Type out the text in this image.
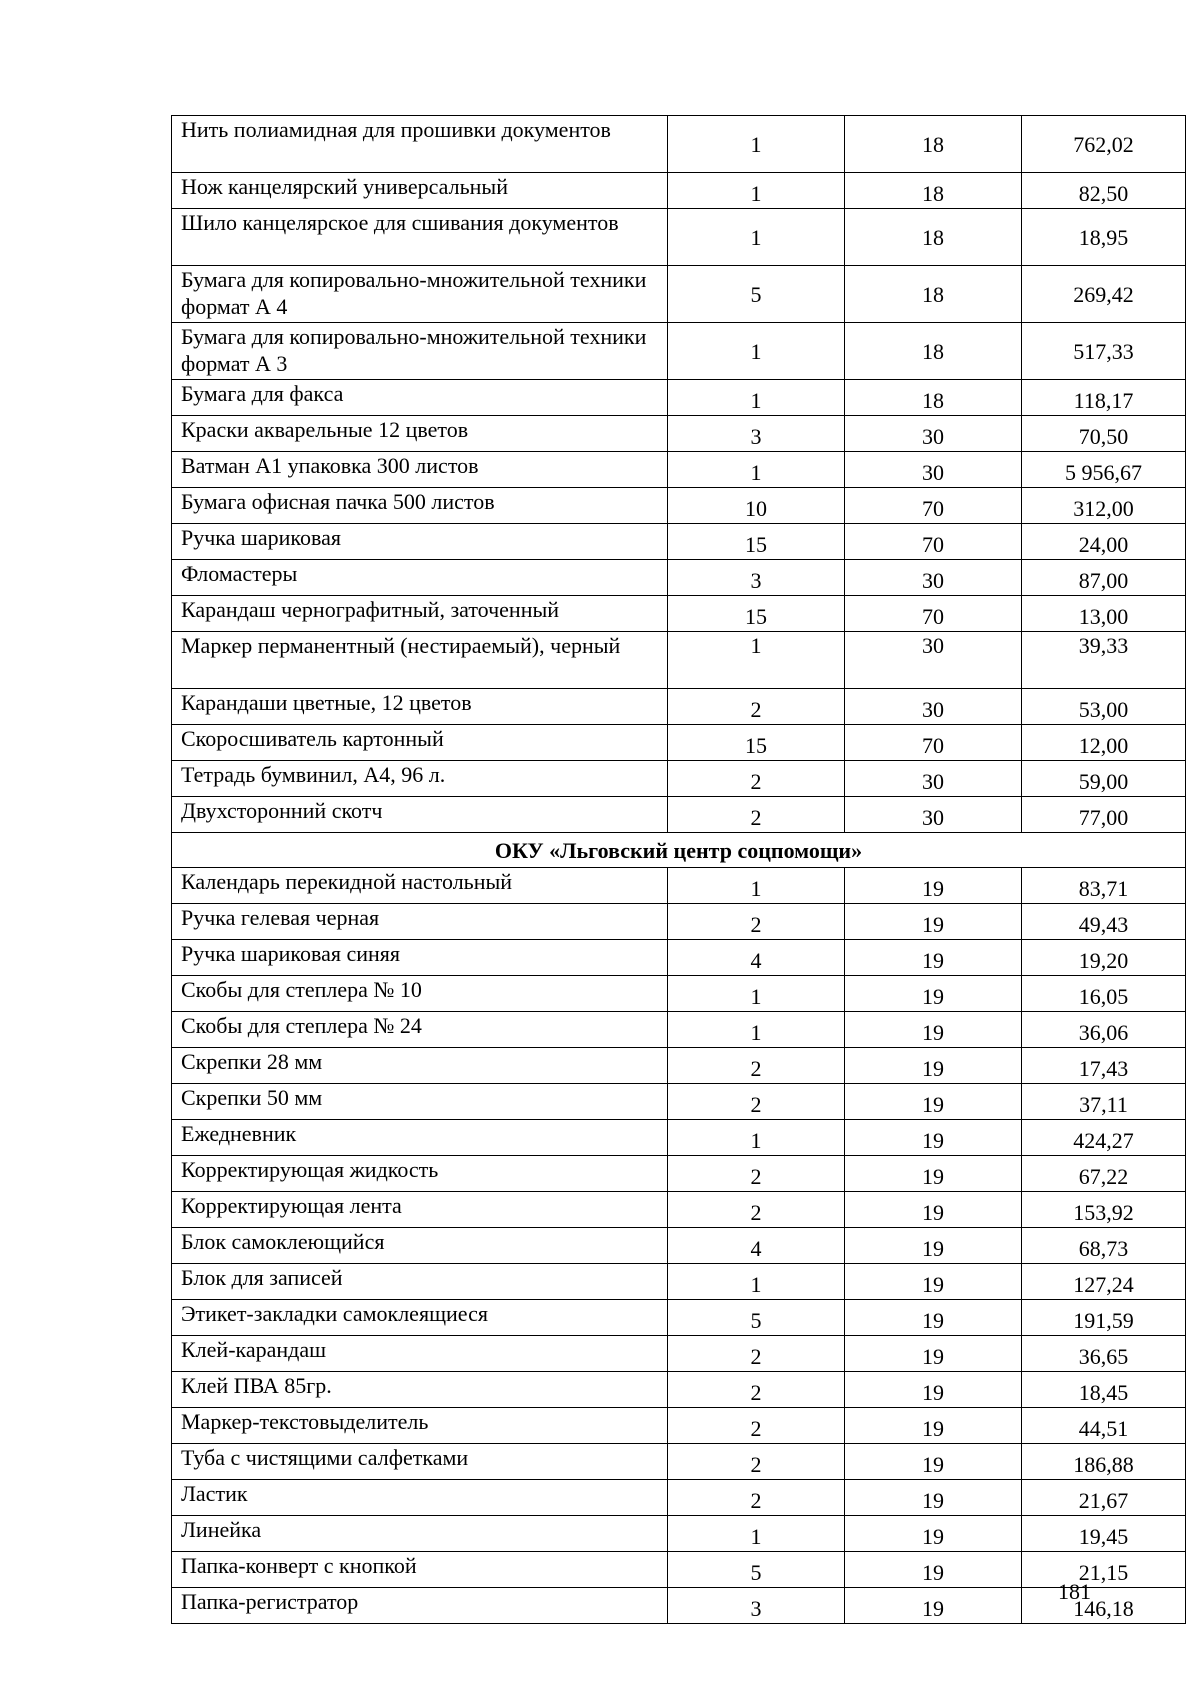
Нить полиамидная для прошивки документов	1	18	762,02
Нож канцелярский универсальный	1	18	82,50
Шило канцелярское для сшивания документов	1	18	18,95
Бумага для копировально-множительной техники формат А 4	5	18	269,42
Бумага для копировально-множительной техники формат А 3	1	18	517,33
Бумага для факса	1	18	118,17
Краски акварельные 12 цветов	3	30	70,50
Ватман А1 упаковка 300 листов	1	30	5 956,67
Бумага офисная пачка 500 листов	10	70	312,00
Ручка шариковая	15	70	24,00
Фломастеры	3	30	87,00
Карандаш чернографитный, заточенный	15	70	13,00
Маркер перманентный (нестираемый), черный	1	30	39,33
Карандаши цветные, 12 цветов	2	30	53,00
Скоросшиватель картонный	15	70	12,00
Тетрадь бумвинил, А4, 96 л.	2	30	59,00
Двухсторонний скотч	2	30	77,00
ОКУ «Льговский центр соцпомощи»			
Календарь перекидной настольный	1	19	83,71
Ручка гелевая черная	2	19	49,43
Ручка шариковая синяя	4	19	19,20
Скобы для степлера № 10	1	19	16,05
Скобы для степлера № 24	1	19	36,06
Скрепки 28 мм	2	19	17,43
Скрепки 50 мм	2	19	37,11
Ежедневник	1	19	424,27
Корректирующая жидкость	2	19	67,22
Корректирующая лента	2	19	153,92
Блок самоклеющийся	4	19	68,73
Блок для записей	1	19	127,24
Этикет-закладки самоклеящиеся	5	19	191,59
Клей-карандаш	2	19	36,65
Клей ПВА 85гр.	2	19	18,45
Маркер-текстовыделитель	2	19	44,51
Туба с чистящими салфетками	2	19	186,88
Ластик	2	19	21,67
Линейка	1	19	19,45
Папка-конверт с кнопкой	5	19	21,15
Папка-регистратор	3	19	146,18
181
